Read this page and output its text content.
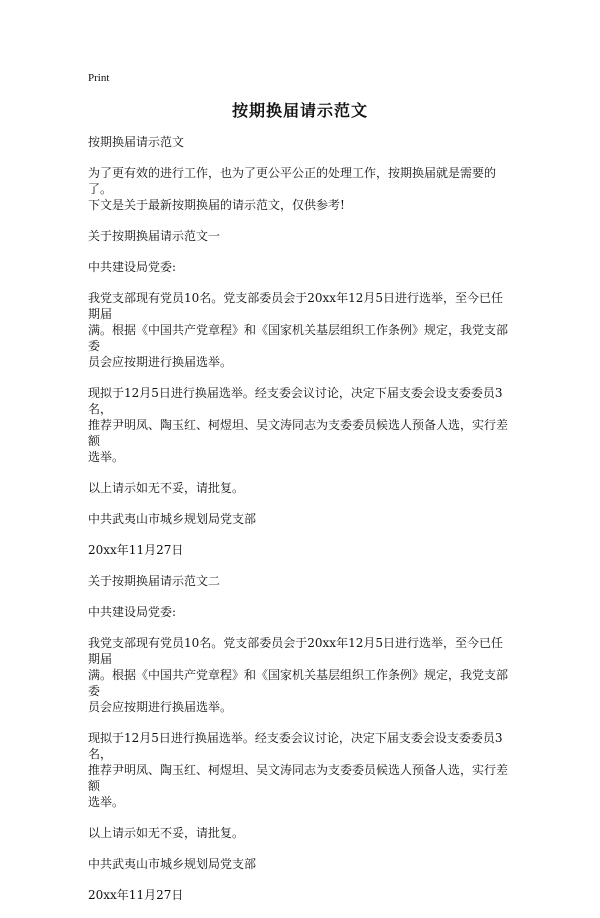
Print
按期换届请示范文

按期换届请示范文

为了更有效的进行工作，也为了更公平公正的处理工作，按期换届就是需要的了。
下文是关于最新按期换届的请示范文，仅供参考!

关于按期换届请示范文一

中共建设局党委:

我党支部现有党员10名。党支部委员会于20xx年12月5日进行选举，至今已任期届
满。根据《中国共产党章程》和《国家机关基层组织工作条例》规定，我党支部委
员会应按期进行换届选举。

现拟于12月5日进行换届选举。经支委会议讨论，决定下届支委会设支委委员3名，
推荐尹明凤、陶玉红、柯煜坦、吴文涛同志为支委委员候选人预备人选，实行差额
选举。

以上请示如无不妥，请批复。

中共武夷山市城乡规划局党支部

20xx年11月27日

关于按期换届请示范文二

中共建设局党委:

我党支部现有党员10名。党支部委员会于20xx年12月5日进行选举，至今已任期届
满。根据《中国共产党章程》和《国家机关基层组织工作条例》规定，我党支部委
员会应按期进行换届选举。

现拟于12月5日进行换届选举。经支委会议讨论，决定下届支委会设支委委员3名，
推荐尹明凤、陶玉红、柯煜坦、吴文涛同志为支委委员候选人预备人选，实行差额
选举。

以上请示如无不妥，请批复。

中共武夷山市城乡规划局党支部

20xx年11月27日
